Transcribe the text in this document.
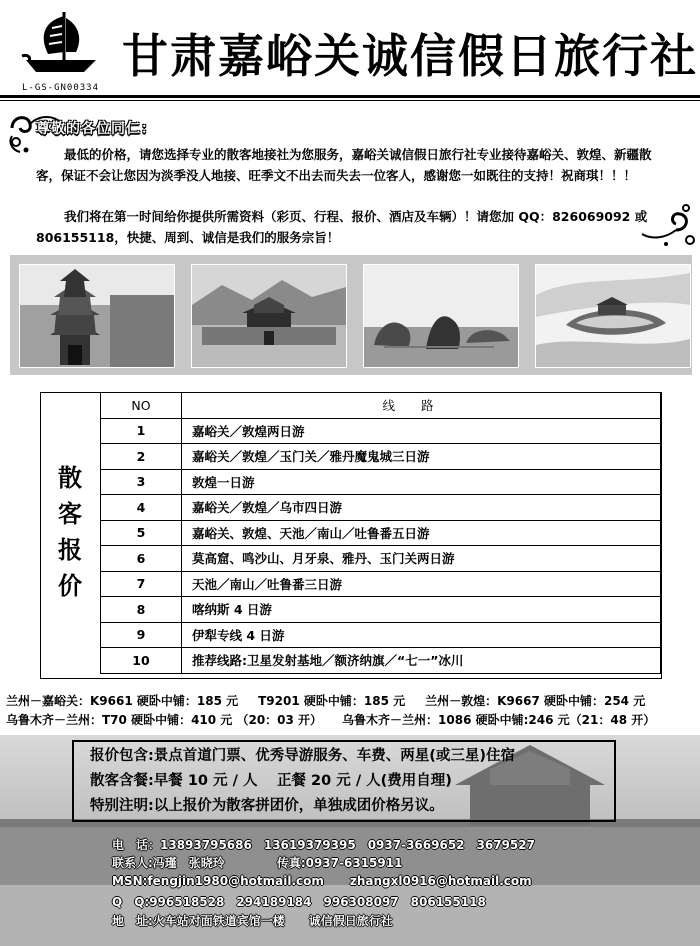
L-GS-GN00334
甘肃嘉峪关诚信假日旅行社
尊敬的各位同仁：
最低的价格，请您选择专业的散客地接社为您服务，嘉峪关诚信假日旅行社专业接待嘉峪关、敦煌、新疆散客，保证不会让您因为淡季没人地接、旺季文不出去而失去一位客人，感谢您一如既往的支持！祝商琪！！！
我们将在第一时间给你提供所需资料（彩页、行程、报价、酒店及车辆）！请您加 QQ：826069092 或 806155118，快捷、周到、诚信是我们的服务宗旨！
散
客
报
价
NO	线路
1	嘉峪关／敦煌两日游
2	嘉峪关／敦煌／玉门关／雅丹魔鬼城三日游
3	敦煌一日游
4	嘉峪关／敦煌／乌市四日游
5	嘉峪关、敦煌、天池／南山／吐鲁番五日游
6	莫高窟、鸣沙山、月牙泉、雅丹、玉门关两日游
7	天池／南山／吐鲁番三日游
8	喀纳斯 4 日游
9	伊犁专线 4 日游
10	推荐线路:卫星发射基地／额济纳旗／“七一”冰川
兰州－嘉峪关：K9661 硬卧中铺：185 元 T9201 硬卧中铺：185 元 兰州－敦煌：K9667 硬卧中铺：254 元
乌鲁木齐－兰州：T70 硬卧中铺：410 元 （20：03 开） 乌鲁木齐－兰州：1086 硬卧中铺:246 元（21：48 开）
报价包含:景点首道门票、优秀导游服务、车费、两星(或三星)住宿
散客含餐:早餐 10 元 / 人 　正餐 20 元 / 人(费用自理)
特别注明:以上报价为散客拼团价，单独成团价格另议。
电　话：13893795686　13619379395　0937-3669652　3679527
联系人:冯瑾　张晓玲	传真:0937-6315911
MSN:fengjin1980@hotmail.com zhangxl0916@hotmail.com
Q　Q:996518528　294189184　996308097　806155118
地　址:火车站对面铁道宾馆一楼　　诚信假日旅行社
